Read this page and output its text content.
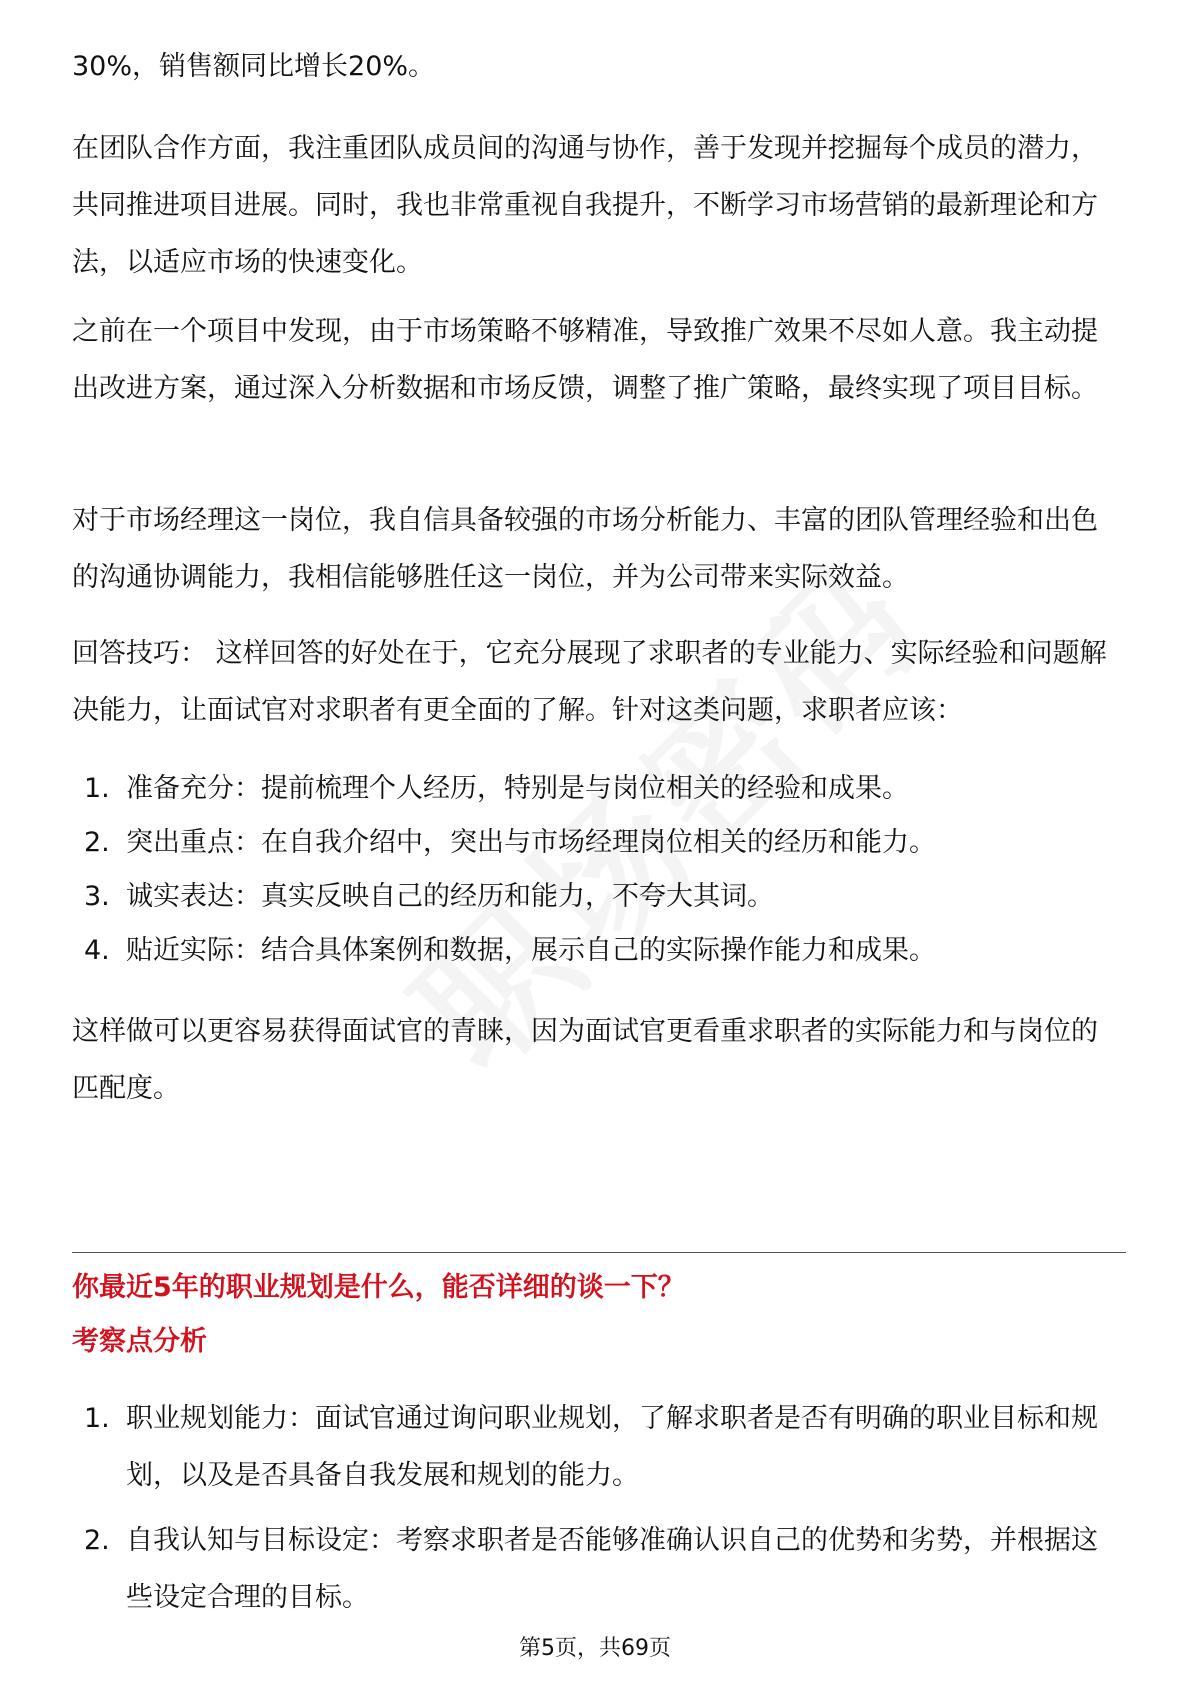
30%，销售额同比增长20%。

在团队合作方面，我注重团队成员间的沟通与协作，善于发现并挖掘每个成员的潜力，共同推进项目进展。同时，我也非常重视自我提升，不断学习市场营销的最新理论和方法，以适应市场的快速变化。

之前在一个项目中发现，由于市场策略不够精准，导致推广效果不尽如人意。我主动提出改进方案，通过深入分析数据和市场反馈，调整了推广策略，最终实现了项目目标。

对于市场经理这一岗位，我自信具备较强的市场分析能力、丰富的团队管理经验和出色的沟通协调能力，我相信能够胜任这一岗位，并为公司带来实际效益。

回答技巧： 这样回答的好处在于，它充分展现了求职者的专业能力、实际经验和问题解决能力，让面试官对求职者有更全面的了解。针对这类问题，求职者应该：

1. 准备充分：提前梳理个人经历，特别是与岗位相关的经验和成果。
2. 突出重点：在自我介绍中，突出与市场经理岗位相关的经历和能力。
3. 诚实表达：真实反映自己的经历和能力，不夸大其词。
4. 贴近实际：结合具体案例和数据，展示自己的实际操作能力和成果。

这样做可以更容易获得面试官的青睐，因为面试官更看重求职者的实际能力和与岗位的匹配度。

你最近5年的职业规划是什么，能否详细的谈一下？

考察点分析

1. 职业规划能力：面试官通过询问职业规划，了解求职者是否有明确的职业目标和规划，以及是否具备自我发展和规划的能力。
2. 自我认知与目标设定：考察求职者是否能够准确认识自己的优势和劣势，并根据这些设定合理的目标。
第5页，共69页
